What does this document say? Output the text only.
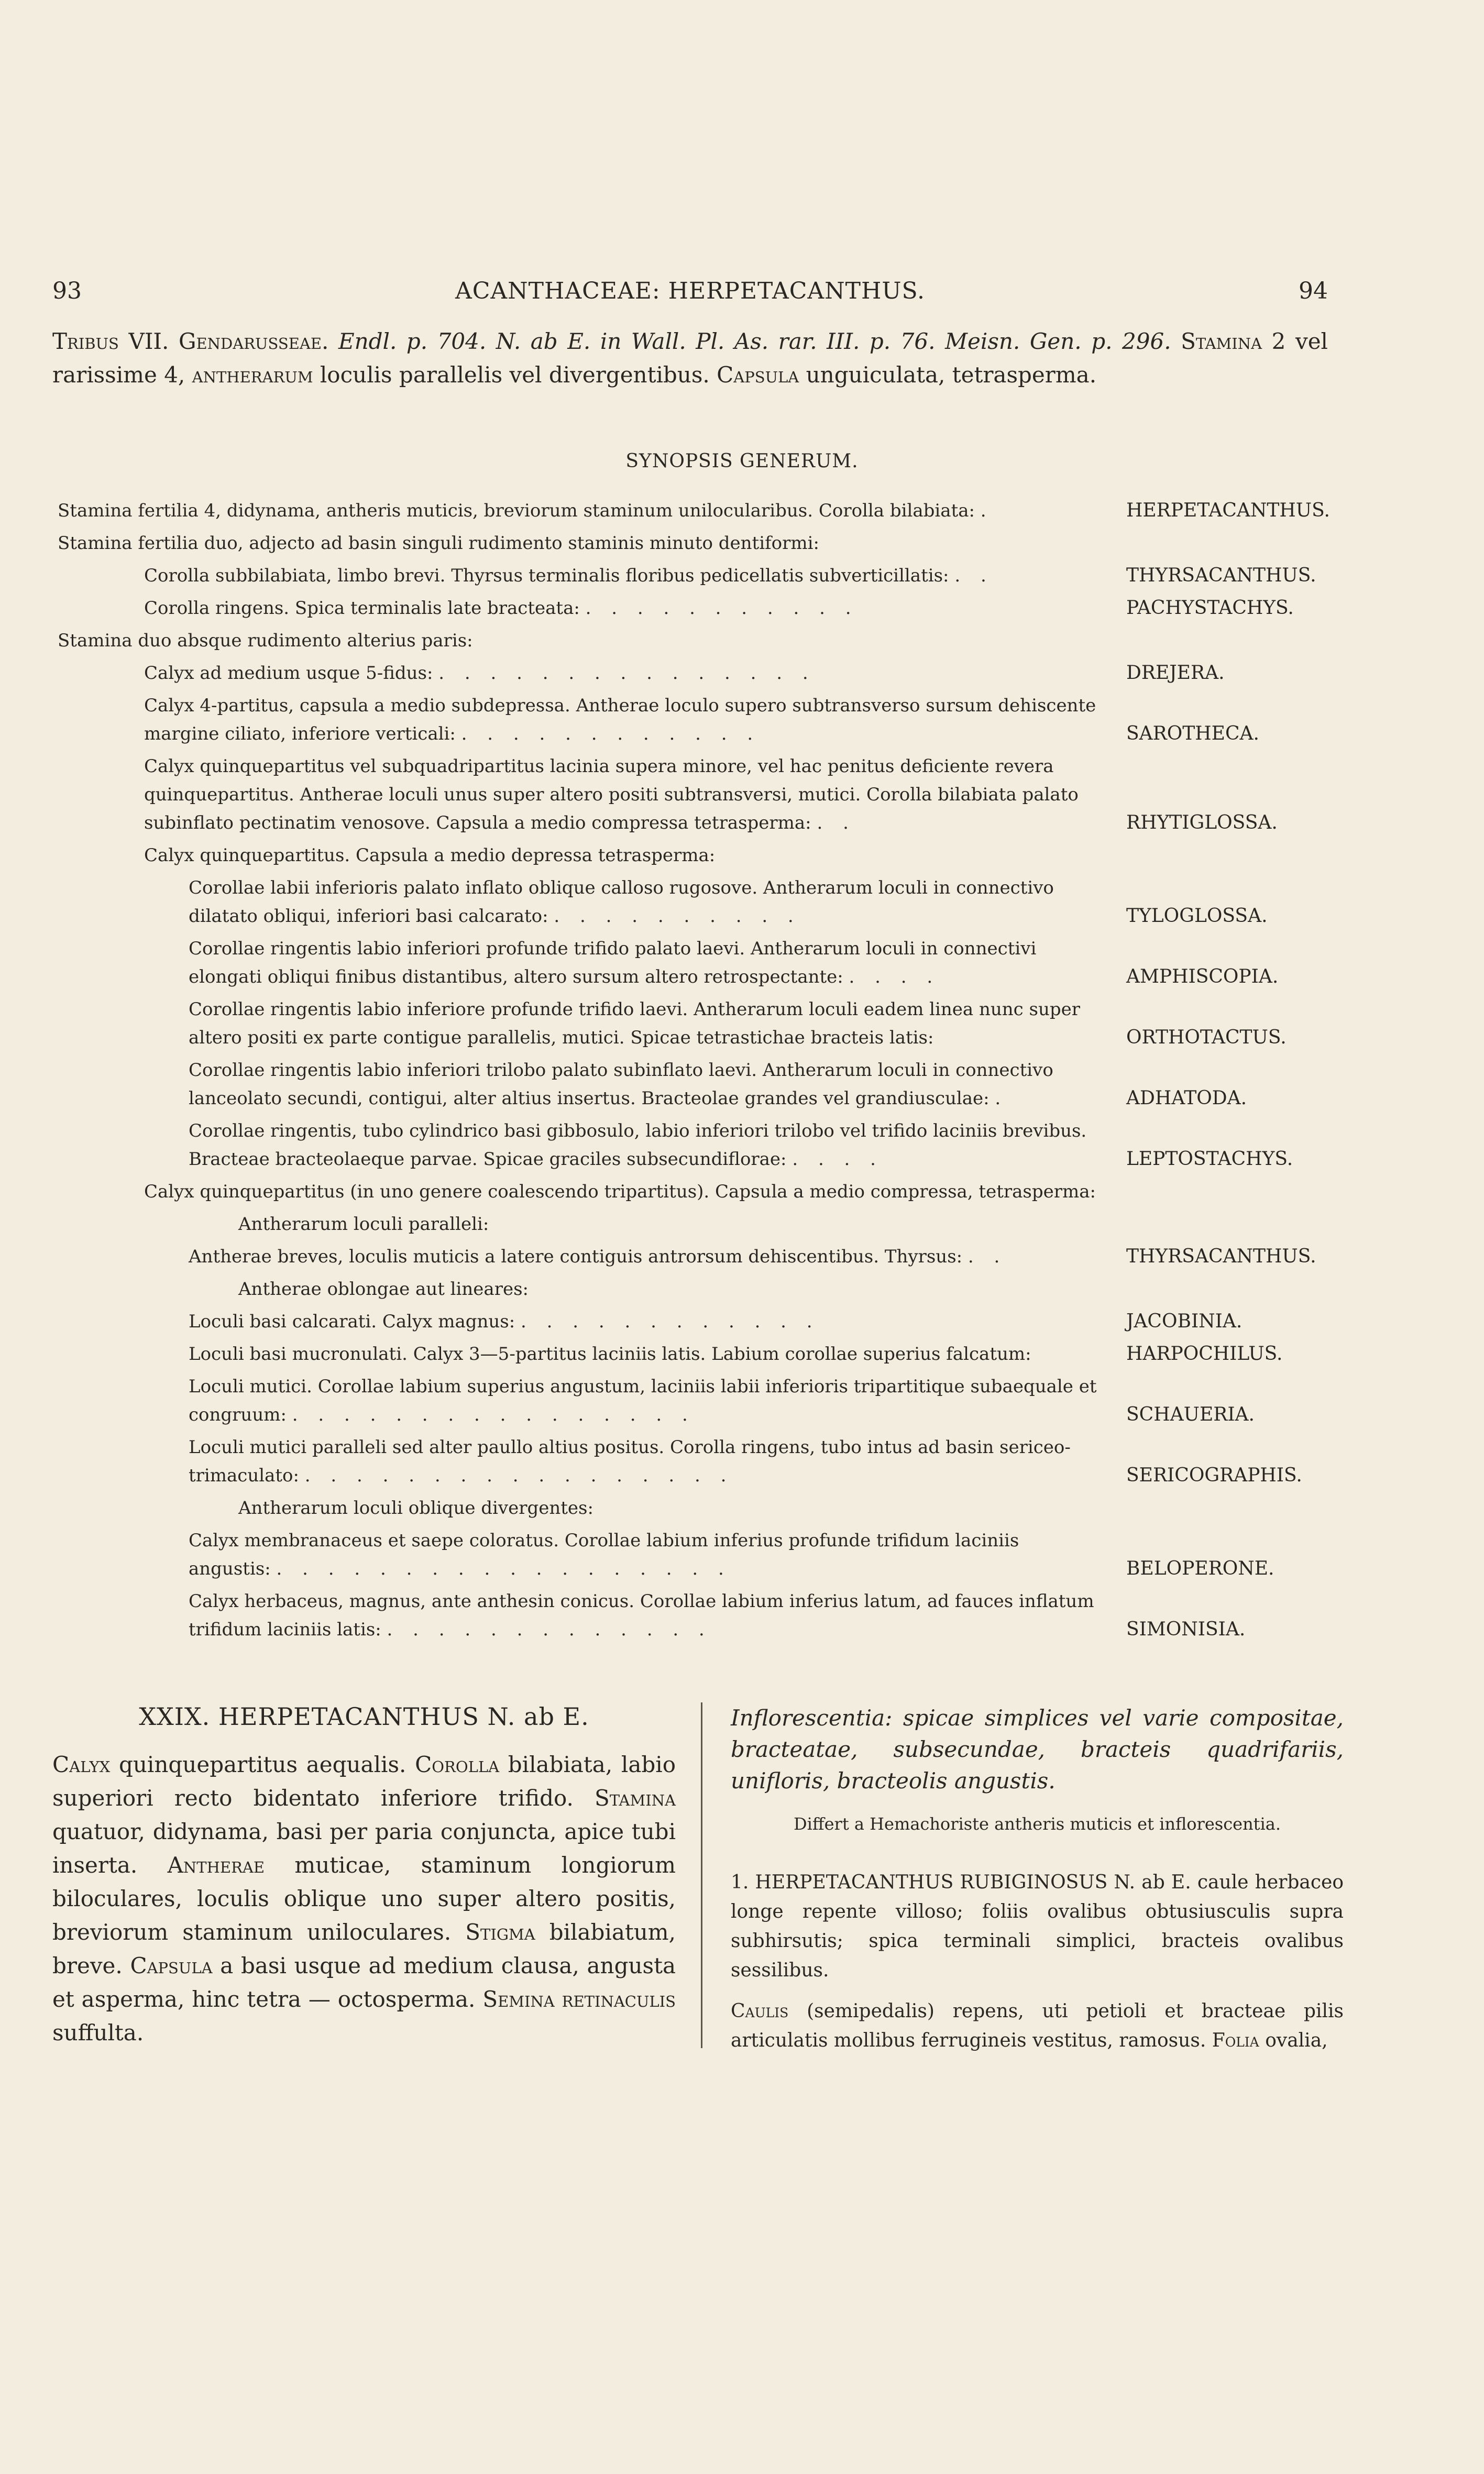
93	ACANTHACEAE: HERPETACANTHUS.	94
Tribus VII. Gendarusseae. Endl. p. 704. N. ab E. in Wall. Pl. As. rar. III. p. 76. Meisn. Gen. p. 296. Stamina 2 vel rarissime 4, antherarum loculis parallelis vel divergentibus. Capsula unguiculata, tetrasperma.
SYNOPSIS GENERUM.
Stamina fertilia 4, didynama, antheris muticis, breviorum staminum unilocularibus. Corolla bilabiata: .	HERPETACANTHUS.
Stamina fertilia duo, adjecto ad basin singuli rudimento staminis minuto dentiformi:
Corolla subbilabiata, limbo brevi. Thyrsus terminalis floribus pedicellatis subverticillatis: . .	THYRSACANTHUS.
Corolla ringens. Spica terminalis late bracteata: . . . . . . . . . . .	PACHYSTACHYS.
Stamina duo absque rudimento alterius paris:
Calyx ad medium usque 5-fidus: . . . . . . . . . . . . . . .	DREJERA.
Calyx 4-partitus, capsula a medio subdepressa. Antherae loculo supero subtransverso sursum dehiscente margine ciliato, inferiore verticali: . . . . . . . . . . . .	SAROTHECA.
Calyx quinquepartitus vel subquadripartitus lacinia supera minore, vel hac penitus deficiente revera quinquepartitus. Antherae loculi unus super altero positi subtransversi, mutici. Corolla bilabiata palato subinflato pectinatim venosove. Capsula a medio compressa tetrasperma: . .	RHYTIGLOSSA.
Calyx quinquepartitus. Capsula a medio depressa tetrasperma:
Corollae labii inferioris palato inflato oblique calloso rugosove. Antherarum loculi in connectivo dilatato obliqui, inferiori basi calcarato: . . . . . . . . . .	TYLOGLOSSA.
Corollae ringentis labio inferiori profunde trifido palato laevi. Antherarum loculi in connectivi elongati obliqui finibus distantibus, altero sursum altero retrospectante: . . . .	AMPHISCOPIA.
Corollae ringentis labio inferiore profunde trifido laevi. Antherarum loculi eadem linea nunc super altero positi ex parte contigue parallelis, mutici. Spicae tetrastichae bracteis latis:	ORTHOTACTUS.
Corollae ringentis labio inferiori trilobo palato subinflato laevi. Antherarum loculi in connectivo lanceolato secundi, contigui, alter altius insertus. Bracteolae grandes vel grandiusculae: .	ADHATODA.
Corollae ringentis, tubo cylindrico basi gibbosulo, labio inferiori trilobo vel trifido laciniis brevibus. Bracteae bracteolaeque parvae. Spicae graciles subsecundiflorae: . . . .	LEPTOSTACHYS.
Calyx quinquepartitus (in uno genere coalescendo tripartitus). Capsula a medio compressa, tetrasperma:
Antherarum loculi paralleli:
Antherae breves, loculis muticis a latere contiguis antrorsum dehiscentibus. Thyrsus: . .	THYRSACANTHUS.
Antherae oblongae aut lineares:
Loculi basi calcarati. Calyx magnus: . . . . . . . . . . . .	JACOBINIA.
Loculi basi mucronulati. Calyx 3—5-partitus laciniis latis. Labium corollae superius falcatum:	HARPOCHILUS.
Loculi mutici. Corollae labium superius angustum, laciniis labii inferioris tripartitique subaequale et congruum: . . . . . . . . . . . . . . . .	SCHAUERIA.
Loculi mutici paralleli sed alter paullo altius positus. Corolla ringens, tubo intus ad basin sericeo-trimaculato: . . . . . . . . . . . . . . . . .	SERICOGRAPHIS.
Antherarum loculi oblique divergentes:
Calyx membranaceus et saepe coloratus. Corollae labium inferius profunde trifidum laciniis angustis: . . . . . . . . . . . . . . . . . .	BELOPERONE.
Calyx herbaceus, magnus, ante anthesin conicus. Corollae labium inferius latum, ad fauces inflatum trifidum laciniis latis: . . . . . . . . . . . . .	SIMONISIA.
XXIX. HERPETACANTHUS N. ab E.

Calyx quinquepartitus aequalis. Corolla bilabiata, labio superiori recto bidentato inferiore trifido. Stamina quatuor, didynama, basi per paria conjuncta, apice tubi inserta. Antherae muticae, staminum longiorum biloculares, loculis oblique uno super altero positis, breviorum staminum uniloculares. Stigma bilabiatum, breve. Capsula a basi usque ad medium clausa, angusta et asperma, hinc tetra — octosperma. Semina retinaculis suffulta.

Inflorescentia: spicae simplices vel varie compositae, bracteatae, subsecundae, bracteis quadrifariis, unifloris, bracteolis angustis.

Differt a Hemachoriste antheris muticis et inflorescentia.

1. HERPETACANTHUS RUBIGINOSUS N. ab E. caule herbaceo longe repente villoso; foliis ovalibus obtusiusculis supra subhirsutis; spica terminali simplici, bracteis ovalibus sessilibus.

Caulis (semipedalis) repens, uti petioli et bracteae pilis articulatis mollibus ferrugineis vestitus, ramosus. Folia ovalia,
